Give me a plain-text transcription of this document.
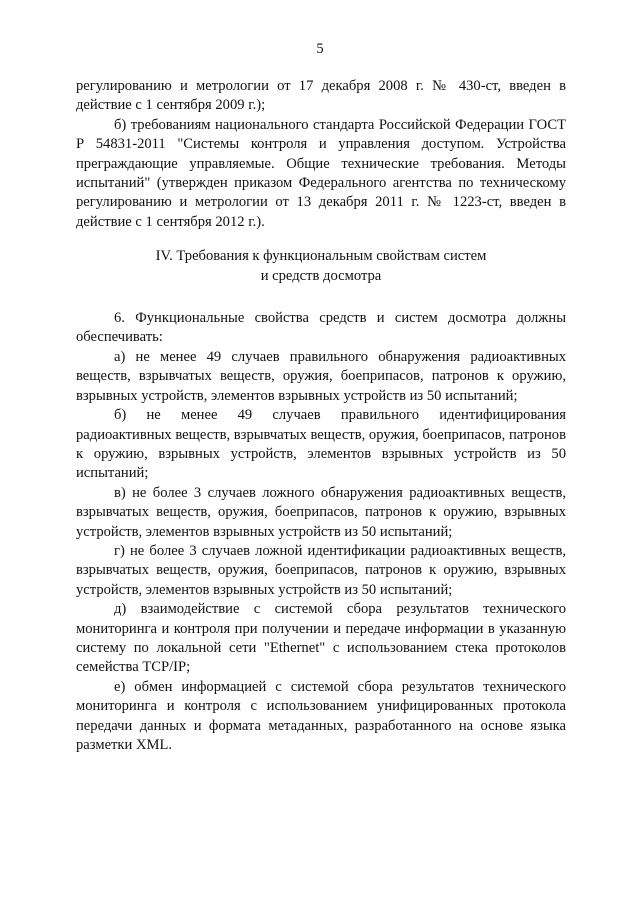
5

регулированию и метрологии от 17 декабря 2008 г. № 430-ст, введен в действие с 1 сентября 2009 г.);

б) требованиям национального стандарта Российской Федерации ГОСТ Р 54831-2011 "Системы контроля и управления доступом. Устройства преграждающие управляемые. Общие технические требования. Методы испытаний" (утвержден приказом Федерального агентства по техническому регулированию и метрологии от 13 декабря 2011 г. № 1223-ст, введен в действие с 1 сентября 2012 г.).

IV. Требования к функциональным свойствам систем
и средств досмотра

6. Функциональные свойства средств и систем досмотра должны обеспечивать:

а) не менее 49 случаев правильного обнаружения радиоактивных веществ, взрывчатых веществ, оружия, боеприпасов, патронов к оружию, взрывных устройств, элементов взрывных устройств из 50 испытаний;

б) не менее 49 случаев правильного идентифицирования радиоактивных веществ, взрывчатых веществ, оружия, боеприпасов, патронов к оружию, взрывных устройств, элементов взрывных устройств из 50 испытаний;

в) не более 3 случаев ложного обнаружения радиоактивных веществ, взрывчатых веществ, оружия, боеприпасов, патронов к оружию, взрывных устройств, элементов взрывных устройств из 50 испытаний;

г) не более 3 случаев ложной идентификации радиоактивных веществ, взрывчатых веществ, оружия, боеприпасов, патронов к оружию, взрывных устройств, элементов взрывных устройств из 50 испытаний;

д) взаимодействие с системой сбора результатов технического мониторинга и контроля при получении и передаче информации в указанную систему по локальной сети "Ethernet" с использованием стека протоколов семейства TCP/IP;

е) обмен информацией с системой сбора результатов технического мониторинга и контроля с использованием унифицированных протокола передачи данных и формата метаданных, разработанного на основе языка разметки XML.
